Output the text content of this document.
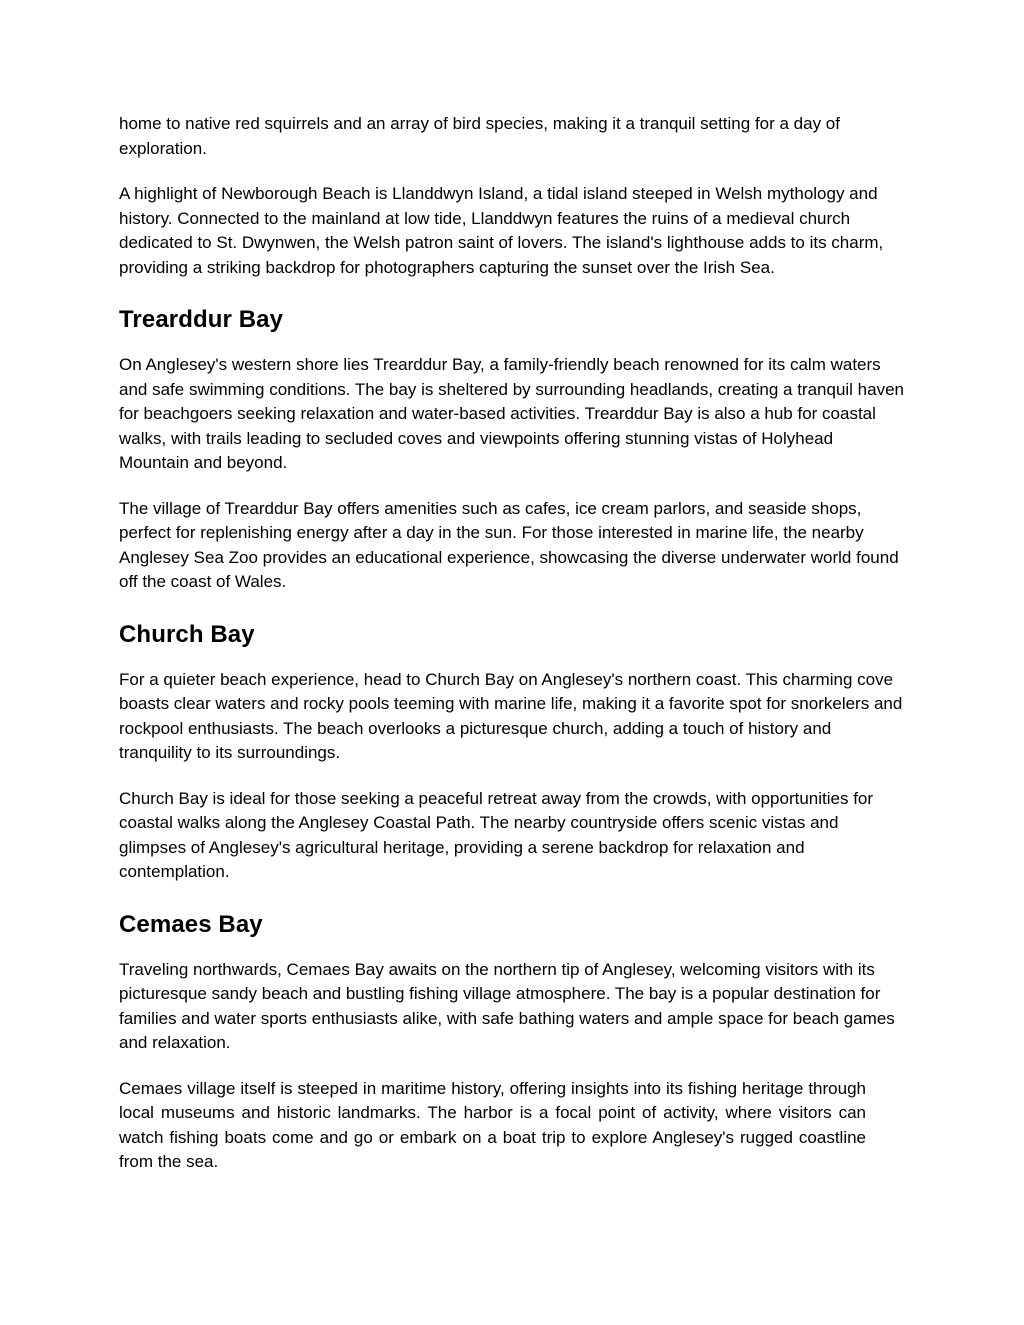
home to native red squirrels and an array of bird species, making it a tranquil setting for a day of exploration.

A highlight of Newborough Beach is Llanddwyn Island, a tidal island steeped in Welsh mythology and history. Connected to the mainland at low tide, Llanddwyn features the ruins of a medieval church dedicated to St. Dwynwen, the Welsh patron saint of lovers. The island's lighthouse adds to its charm, providing a striking backdrop for photographers capturing the sunset over the Irish Sea.

Trearddur Bay

On Anglesey's western shore lies Trearddur Bay, a family-friendly beach renowned for its calm waters and safe swimming conditions. The bay is sheltered by surrounding headlands, creating a tranquil haven for beachgoers seeking relaxation and water-based activities. Trearddur Bay is also a hub for coastal walks, with trails leading to secluded coves and viewpoints offering stunning vistas of Holyhead Mountain and beyond.

The village of Trearddur Bay offers amenities such as cafes, ice cream parlors, and seaside shops, perfect for replenishing energy after a day in the sun. For those interested in marine life, the nearby Anglesey Sea Zoo provides an educational experience, showcasing the diverse underwater world found off the coast of Wales.

Church Bay

For a quieter beach experience, head to Church Bay on Anglesey's northern coast. This charming cove boasts clear waters and rocky pools teeming with marine life, making it a favorite spot for snorkelers and rockpool enthusiasts. The beach overlooks a picturesque church, adding a touch of history and tranquility to its surroundings.

Church Bay is ideal for those seeking a peaceful retreat away from the crowds, with opportunities for coastal walks along the Anglesey Coastal Path. The nearby countryside offers scenic vistas and glimpses of Anglesey's agricultural heritage, providing a serene backdrop for relaxation and contemplation.

Cemaes Bay

Traveling northwards, Cemaes Bay awaits on the northern tip of Anglesey, welcoming visitors with its picturesque sandy beach and bustling fishing village atmosphere. The bay is a popular destination for families and water sports enthusiasts alike, with safe bathing waters and ample space for beach games and relaxation.

Cemaes village itself is steeped in maritime history, offering insights into its fishing heritage through local museums and historic landmarks. The harbor is a focal point of activity, where visitors can watch fishing boats come and go or embark on a boat trip to explore Anglesey's rugged coastline from the sea.
